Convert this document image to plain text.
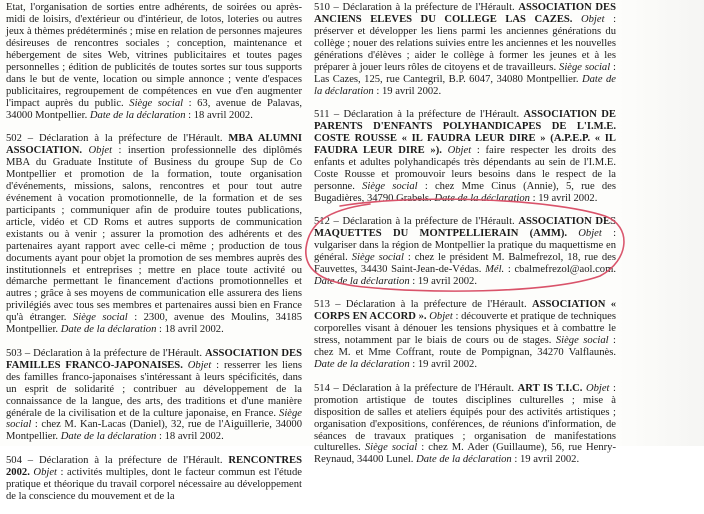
Etat, l'organisation de sorties entre adhérents, de soirées ou après-midi de loisirs, d'extérieur ou d'intérieur, de lotos, loteries ou autres jeux à thèmes prédéterminés ; mise en relation de personnes majeures désireuses de rencontres sociales ; conception, maintenance et hébergement de sites Web, vitrines publicitaires et toutes pages personnelles ; édition de publicités de toutes sortes sur tous supports dans le but de vente, location ou simple annonce ; vente d'espaces publicitaires, regroupement de compétences en vue d'en augmenter l'impact auprès du public. Siège social : 63, avenue de Palavas, 34000 Montpellier. Date de la déclaration : 18 avril 2002.

502 – Déclaration à la préfecture de l'Hérault. MBA ALUMNI ASSOCIATION. Objet : insertion professionnelle des diplômés MBA du Graduate Institute of Business du groupe Sup de Co Montpellier et promotion de la formation, toute organisation d'événements, missions, salons, rencontres et pour tout autre événement à vocation promotionnelle, de la formation et de ses participants ; communiquer afin de produire toutes publications, article, vidéo et CD Roms et autres supports de communication existants ou à venir ; assurer la promotion des adhérents et des partenaires ayant rapport avec celle-ci même ; production de tous documents ayant pour objet la promotion de ses membres auprès des institutionnels et entreprises ; mettre en place toute activité ou démarche permettant le financement d'actions promotionnelles et autres ; grâce à ses moyens de communication elle assurera des liens privilégiés avec tous ses membres et partenaires aussi bien en France qu'à étranger. Siège social : 2300, avenue des Moulins, 34185 Montpellier. Date de la déclaration : 18 avril 2002.

503 – Déclaration à la préfecture de l'Hérault. ASSOCIATION DES FAMILLES FRANCO-JAPONAISES. Objet : resserrer les liens des familles franco-japonaises s'intéressant à leurs spécificités, dans un esprit de solidarité ; contribuer au développement de la connaissance de la langue, des arts, des traditions et d'une manière générale de la civilisation et de la culture japonaise, en France. Siège social : chez M. Kan-Lacas (Daniel), 32, rue de l'Aiguillerie, 34000 Montpellier. Date de la déclaration : 18 avril 2002.

504 – Déclaration à la préfecture de l'Hérault. RENCONTRES 2002. Objet : activités multiples, dont le facteur commun est l'étude pratique et théorique du travail corporel nécessaire au développement de la conscience du mouvement et de la

510 – Déclaration à la préfecture de l'Hérault. ASSOCIATION DES ANCIENS ELEVES DU COLLEGE LAS CAZES. Objet : préserver et développer les liens parmi les anciennes générations du collège ; nouer des relations suivies entre les anciennes et les nouvelles générations d'élèves ; aider le collège à former les jeunes et à les préparer à jouer leurs rôles de citoyens et de travailleurs. Siège social : Las Cazes, 125, rue Cantegril, B.P. 6047, 34080 Montpellier. Date de la déclaration : 19 avril 2002.

511 – Déclaration à la préfecture de l'Hérault. ASSOCIATION DE PARENTS D'ENFANTS POLYHANDICAPES DE L'I.M.E. COSTE ROUSSE « IL FAUDRA LEUR DIRE » (A.P.E.P. « IL FAUDRA LEUR DIRE »). Objet : faire respecter les droits des enfants et adultes polyhandicapés très dépendants au sein de l'I.M.E. Coste Rousse et promouvoir leurs besoins dans le respect de la personne. Siège social : chez Mme Cinus (Annie), 5, rue des Bugadières, 34790 Grabels. Date de la déclaration : 19 avril 2002.

512 – Déclaration à la préfecture de l'Hérault. ASSOCIATION DES MAQUETTES DU MONTPELLIERAIN (AMM). Objet : vulgariser dans la région de Montpellier la pratique du maquettisme en général. Siège social : chez le président M. Balmefrezol, 18, rue des Fauvettes, 34430 Saint-Jean-de-Védas. Mél. : cbalmefrezol@aol.com. Date de la déclaration : 19 avril 2002.

513 – Déclaration à la préfecture de l'Hérault. ASSOCIATION « CORPS EN ACCORD ». Objet : découverte et pratique de techniques corporelles visant à dénouer les tensions physiques et à combattre le stress, notamment par le biais de cours ou de stages. Siège social : chez M. et Mme Coffrant, route de Pompignan, 34270 Valflaunès. Date de la déclaration : 19 avril 2002.

514 – Déclaration à la préfecture de l'Hérault. ART IS T.I.C. Objet : promotion artistique de toutes disciplines culturelles ; mise à disposition de salles et ateliers équipés pour des activités artistiques ; organisation d'expositions, conférences, de réunions d'information, de séances de travaux pratiques ; organisation de manifestations culturelles. Siège social : chez M. Ader (Guillaume), 56, rue Henry-Reynaud, 34400 Lunel. Date de la déclaration : 19 avril 2002.
